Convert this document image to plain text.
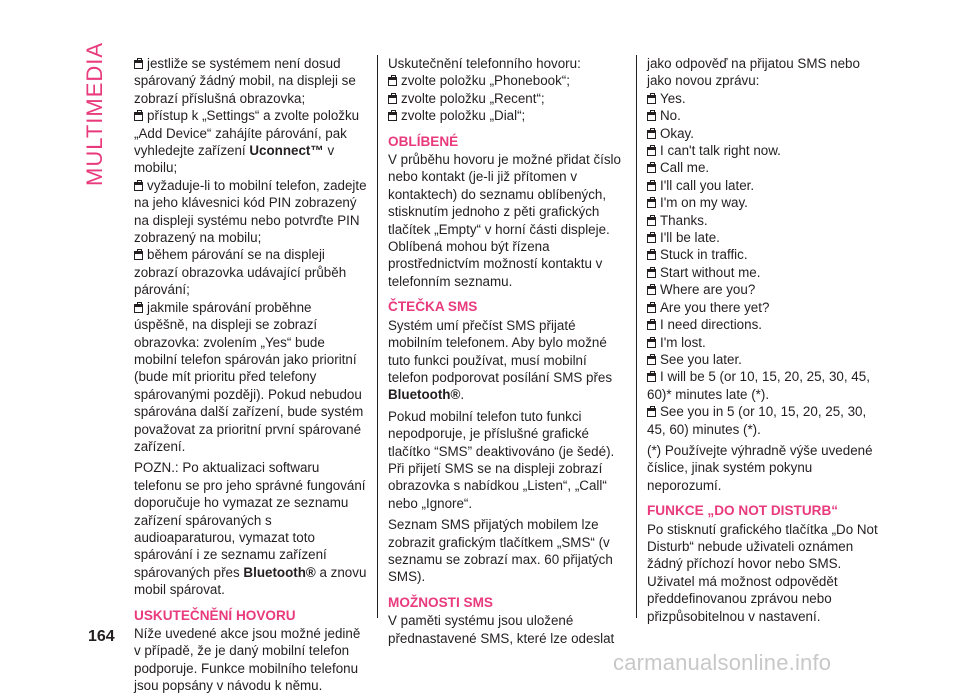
MULTIMEDIA
164
jestliže se systémem není dosud spárovaný žádný mobil, na displeji se zobrazí příslušná obrazovka;
přístup k „Settings“ a zvolte položku „Add Device“ zahájíte párování, pak vyhledejte zařízení Uconnect™ v mobilu;
vyžaduje-li to mobilní telefon, zadejte na jeho klávesnici kód PIN zobrazený na displeji systému nebo potvrďte PIN zobrazený na mobilu;
během párování se na displeji zobrazí obrazovka udávající průběh párování;
jakmile spárování proběhne úspěšně, na displeji se zobrazí obrazovka: zvolením „Yes“ bude mobilní telefon spárován jako prioritní (bude mít prioritu před telefony spárovanými později). Pokud nebudou spárována další zařízení, bude systém považovat za prioritní první spárované zařízení.
POZN.: Po aktualizaci softwaru telefonu se pro jeho správné fungování doporučuje ho vymazat ze seznamu zařízení spárovaných s audioaparaturou, vymazat toto spárování i ze seznamu zařízení spárovaných přes Bluetooth® a znovu mobil spárovat.
USKUTEČNĚNÍ HOVORU
Níže uvedené akce jsou možné jedině v případě, že je daný mobilní telefon podporuje. Funkce mobilního telefonu jsou popsány v návodu k němu.
Uskutečnění telefonního hovoru:
zvolte položku „Phonebook“;
zvolte položku „Recent“;
zvolte položku „Dial“;
OBLÍBENÉ
V průběhu hovoru je možné přidat číslo nebo kontakt (je-li již přítomen v kontaktech) do seznamu oblíbených, stisknutím jednoho z pěti grafických tlačítek „Empty“ v horní části displeje. Oblíbená mohou být řízena prostřednictvím možností kontaktu v telefonním seznamu.
ČTEČKA SMS
Systém umí přečíst SMS přijaté mobilním telefonem. Aby bylo možné tuto funkci používat, musí mobilní telefon podporovat posílání SMS přes Bluetooth®.
Pokud mobilní telefon tuto funkci nepodporuje, je příslušné grafické tlačítko “SMS” deaktivováno (je šedé). Při přijetí SMS se na displeji zobrazí obrazovka s nabídkou „Listen“, „Call“ nebo „Ignore“.
Seznam SMS přijatých mobilem lze zobrazit grafickým tlačítkem „SMS“ (v seznamu se zobrazí max. 60 přijatých SMS).
MOŽNOSTI SMS
V paměti systému jsou uložené přednastavené SMS, které lze odeslat
jako odpověď na přijatou SMS nebo jako novou zprávu:
Yes.
No.
Okay.
I can't talk right now.
Call me.
I'll call you later.
I'm on my way.
Thanks.
I'll be late.
Stuck in traffic.
Start without me.
Where are you?
Are you there yet?
I need directions.
I'm lost.
See you later.
I will be 5 (or 10, 15, 20, 25, 30, 45, 60)* minutes late (*).
See you in 5 (or 10, 15, 20, 25, 30, 45, 60) minutes (*).
(*) Používejte výhradně výše uvedené číslice, jinak systém pokynu neporozumí.
FUNKCE „DO NOT DISTURB“
Po stisknutí grafického tlačítka „Do Not Disturb“ nebude uživateli oznámen žádný příchozí hovor nebo SMS. Uživatel má možnost odpovědět předdefinovanou zprávou nebo přizpůsobitelnou v nastavení.
carmanualsonline.info
